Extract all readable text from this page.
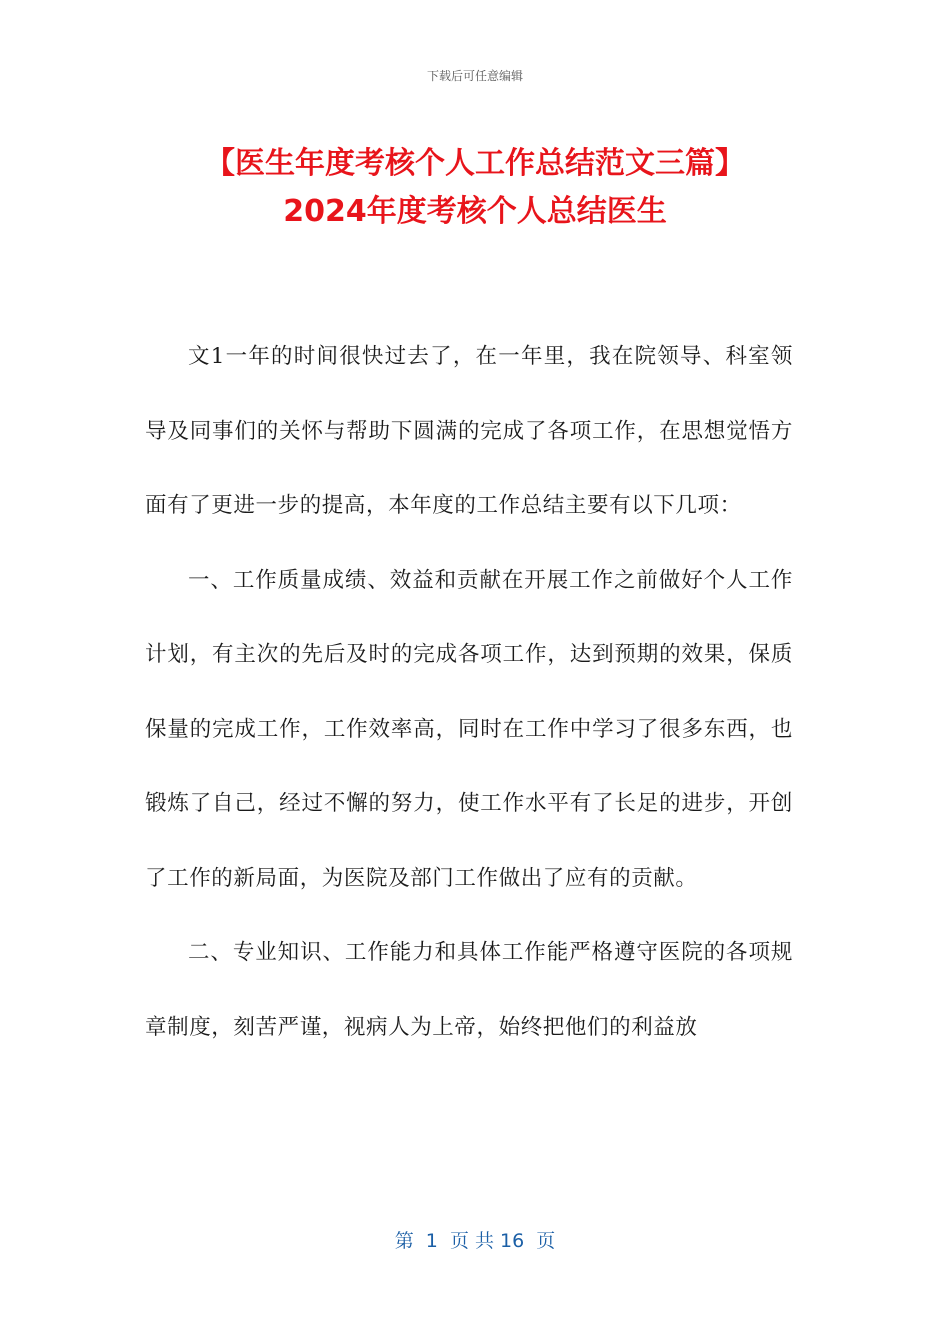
下载后可任意编辑
【医生年度考核个人工作总结范文三篇】
2024年度考核个人总结医生

文1一年的时间很快过去了，在一年里，我在院领导、科室领导及同事们的关怀与帮助下圆满的完成了各项工作，在思想觉悟方面有了更进一步的提高，本年度的工作总结主要有以下几项：

一、工作质量成绩、效益和贡献在开展工作之前做好个人工作计划，有主次的先后及时的完成各项工作，达到预期的效果，保质保量的完成工作，工作效率高，同时在工作中学习了很多东西，也锻炼了自己，经过不懈的努力，使工作水平有了长足的进步，开创了工作的新局面，为医院及部门工作做出了应有的贡献。

二、专业知识、工作能力和具体工作能严格遵守医院的各项规章制度，刻苦严谨，视病人为上帝，始终把他们的利益放

第  1  页 共 16  页
